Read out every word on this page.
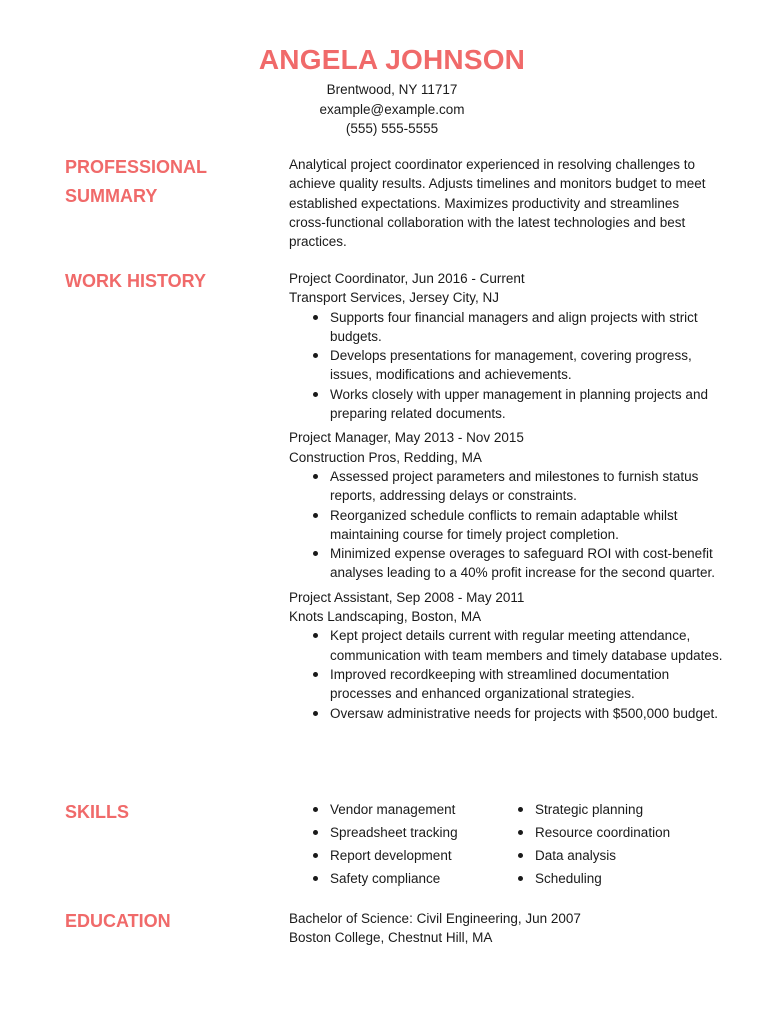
ANGELA JOHNSON
Brentwood, NY 11717
example@example.com
(555) 555-5555
PROFESSIONAL
SUMMARY
Analytical project coordinator experienced in resolving challenges to achieve quality results. Adjusts timelines and monitors budget to meet established expectations. Maximizes productivity and streamlines cross-functional collaboration with the latest technologies and best practices.
WORK HISTORY	Project Coordinator, Jun 2016 - Current
Transport Services, Jersey City, NJ
Supports four financial managers and align projects with strict budgets.
Develops presentations for management, covering progress, issues, modifications and achievements.
Works closely with upper management in planning projects and preparing related documents.
Project Manager, May 2013 - Nov 2015
Construction Pros, Redding, MA
Assessed project parameters and milestones to furnish status reports, addressing delays or constraints.
Reorganized schedule conflicts to remain adaptable whilst maintaining course for timely project completion.
Minimized expense overages to safeguard ROI with cost-benefit analyses leading to a 40% profit increase for the second quarter.
Project Assistant, Sep 2008 - May 2011
Knots Landscaping, Boston, MA
Kept project details current with regular meeting attendance, communication with team members and timely database updates.
Improved recordkeeping with streamlined documentation processes and enhanced organizational strategies.
Oversaw administrative needs for projects with $500,000 budget.
SKILLS	Vendor management	Strategic planning
Spreadsheet tracking	Resource coordination
Report development	Data analysis
Safety compliance	Scheduling
EDUCATION	Bachelor of Science: Civil Engineering, Jun 2007
Boston College, Chestnut Hill, MA
